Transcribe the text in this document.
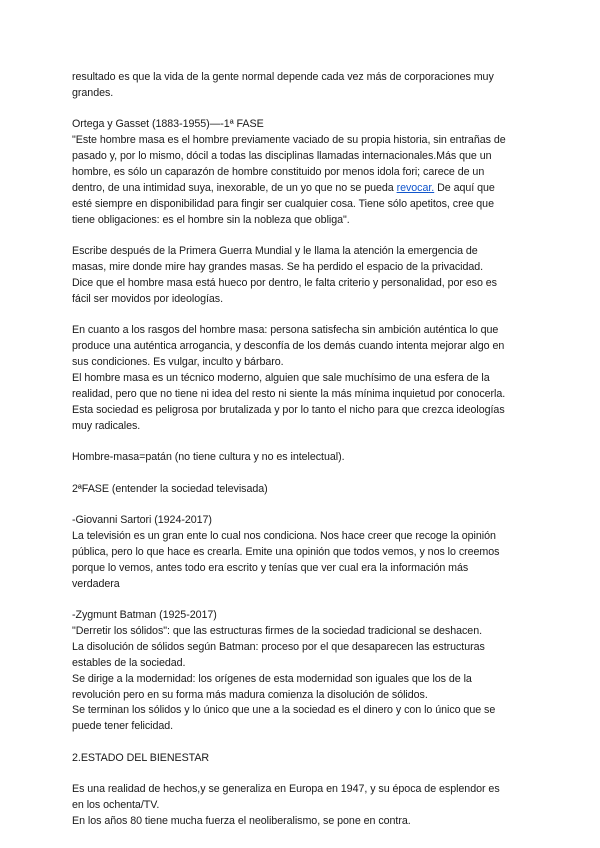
resultado es que la vida de la gente normal depende cada vez más de corporaciones muy
grandes.

Ortega y Gasset (1883-1955)—-1ª FASE
"Este hombre masa es el hombre previamente vaciado de su propia historia, sin entrañas de
pasado y, por lo mismo, dócil a todas las disciplinas llamadas internacionales.Más que un
hombre, es sólo un caparazón de hombre constituido por menos idola fori; carece de un
dentro, de una intimidad suya, inexorable, de un yo que no se pueda revocar. De aquí que
esté siempre en disponibilidad para fingir ser cualquier cosa. Tiene sólo apetitos, cree que
tiene obligaciones: es el hombre sin la nobleza que obliga".

Escribe después de la Primera Guerra Mundial y le llama la atención la emergencia de
masas, mire donde mire hay grandes masas. Se ha perdido el espacio de la privacidad.
Dice que el hombre masa está hueco por dentro, le falta criterio y personalidad, por eso es
fácil ser movidos por ideologías.

En cuanto a los rasgos del hombre masa: persona satisfecha sin ambición auténtica lo que
produce una auténtica arrogancia, y desconfía de los demás cuando intenta mejorar algo en
sus condiciones. Es vulgar, inculto y bárbaro.
El hombre masa es un técnico moderno, alguien que sale muchísimo de una esfera de la
realidad, pero que no tiene ni idea del resto ni siente la más mínima inquietud por conocerla.
Esta sociedad es peligrosa por brutalizada y por lo tanto el nicho para que crezca ideologías
muy radicales.

Hombre-masa=patán (no tiene cultura y no es intelectual).

2ªFASE (entender la sociedad televisada)

-Giovanni Sartori (1924-2017)
La televisión es un gran ente lo cual nos condiciona. Nos hace creer que recoge la opinión
pública, pero lo que hace es crearla. Emite una opinión que todos vemos, y nos lo creemos
porque lo vemos, antes todo era escrito y tenías que ver cual era la información más
verdadera

-Zygmunt Batman (1925-2017)
"Derretir los sólidos": que las estructuras firmes de la sociedad tradicional se deshacen.
La disolución de sólidos según Batman: proceso por el que desaparecen las estructuras
estables de la sociedad.
Se dirige a la modernidad: los orígenes de esta modernidad son iguales que los de la
revolución pero en su forma más madura comienza la disolución de sólidos.
Se terminan los sólidos y lo único que une a la sociedad es el dinero y con lo único que se
puede tener felicidad.

2.ESTADO DEL BIENESTAR

Es una realidad de hechos,y se generaliza en Europa en 1947, y su época de esplendor es
en los ochenta/TV.
En los años 80 tiene mucha fuerza el neoliberalismo, se pone en contra.
